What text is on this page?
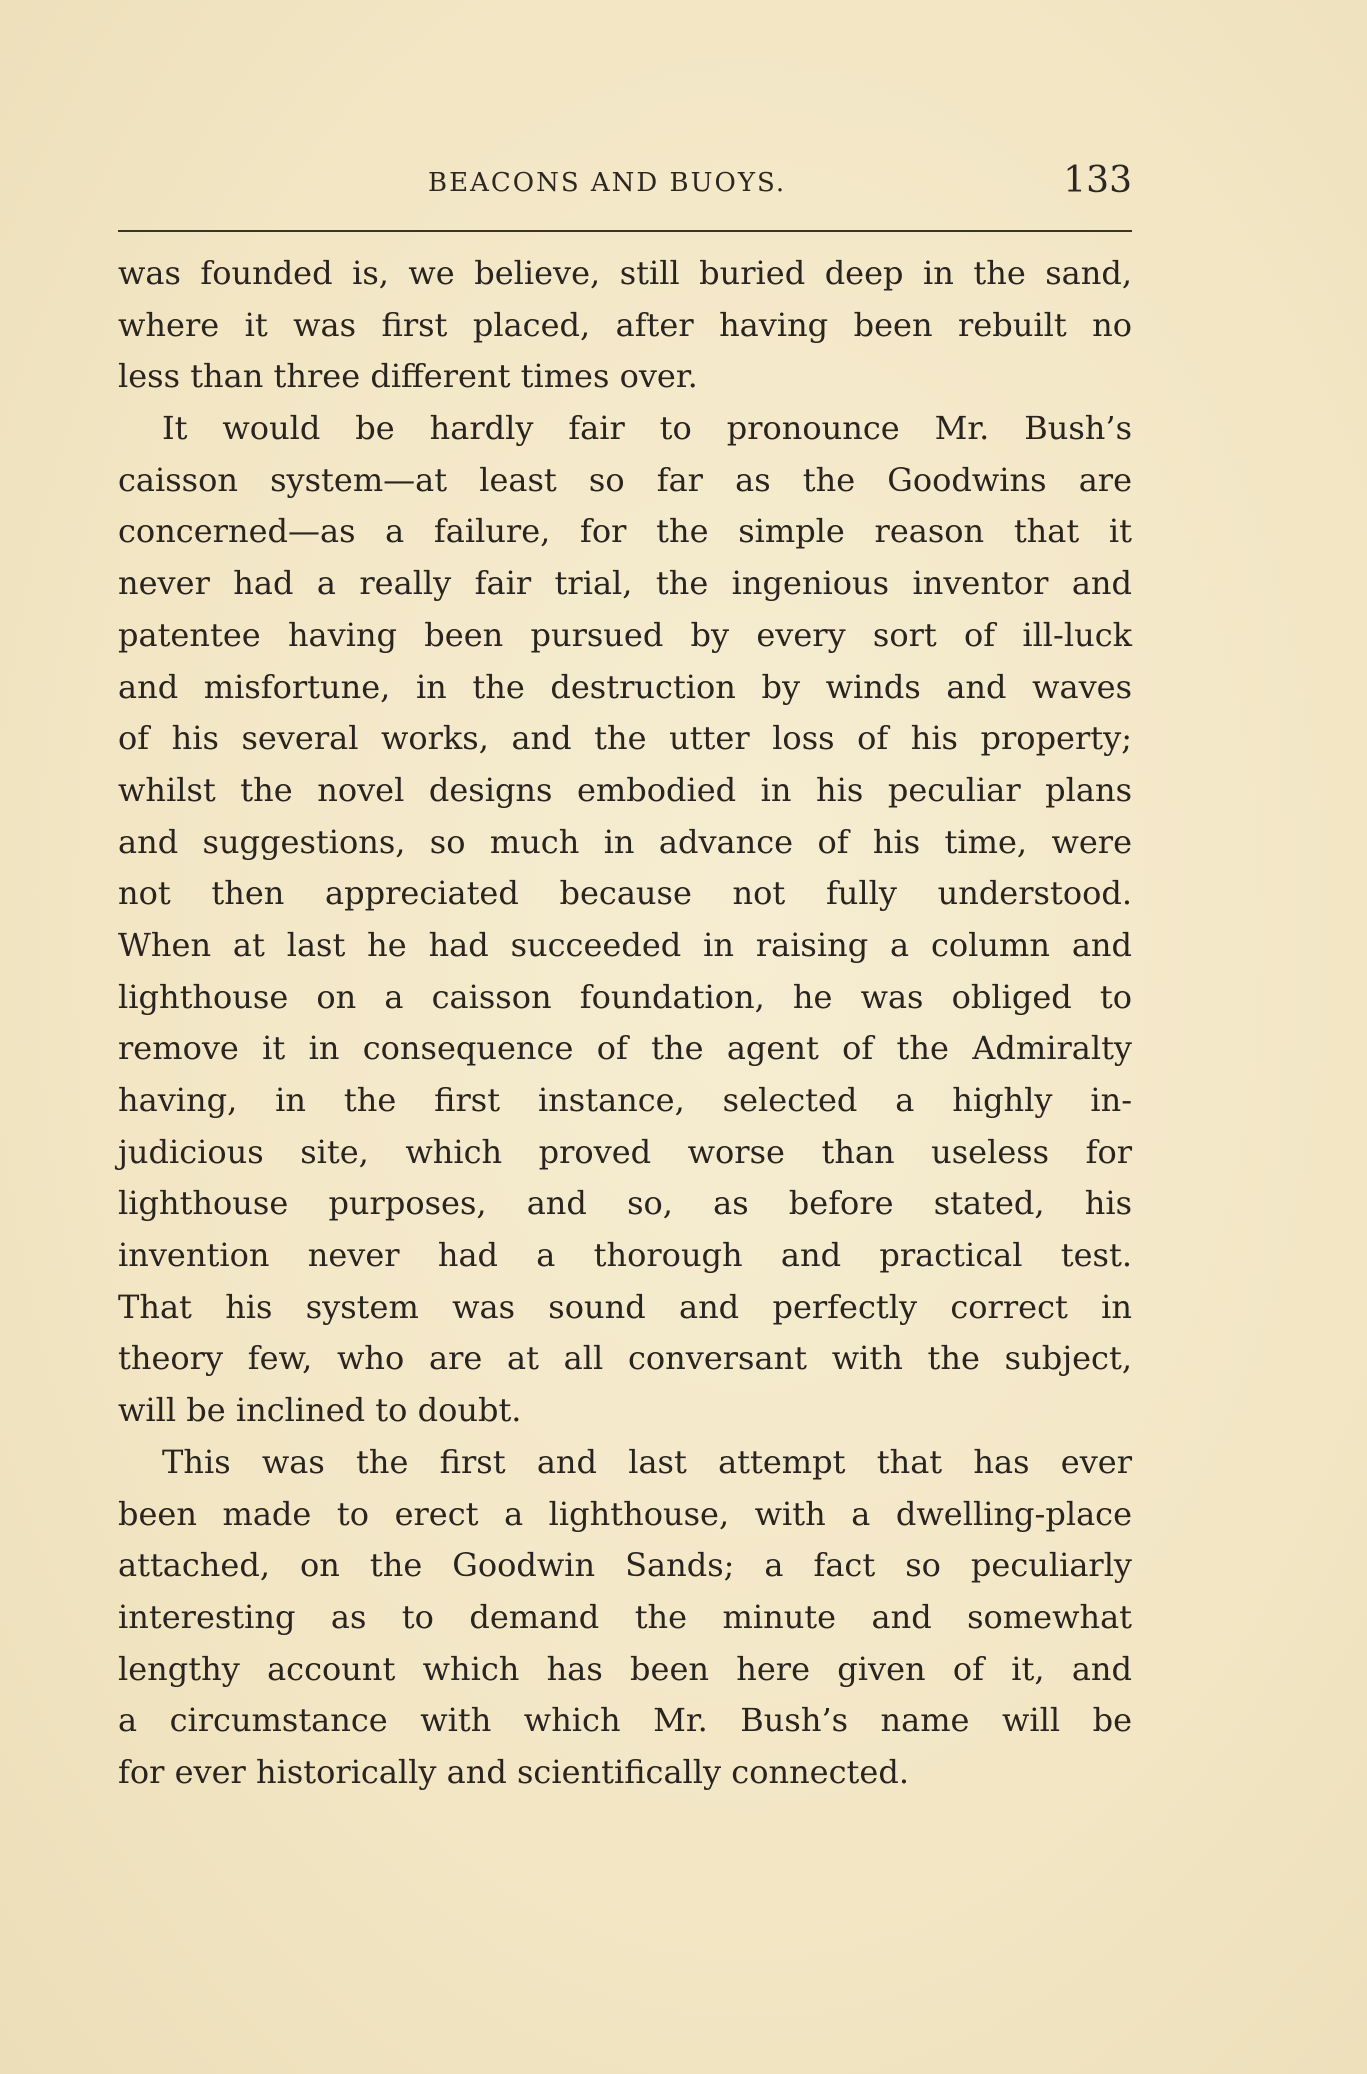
BEACONS AND BUOYS.	133
was founded is, we believe, still buried deep in the sand,
where it was first placed, after having been rebuilt no
less than three different times over.
It would be hardly fair to pronounce Mr. Bush’s
caisson system—at least so far as the Goodwins are
concerned—as a failure, for the simple reason that it
never had a really fair trial, the ingenious inventor and
patentee having been pursued by every sort of ill-luck
and misfortune, in the destruction by winds and waves
of his several works, and the utter loss of his property;
whilst the novel designs embodied in his peculiar plans
and suggestions, so much in advance of his time, were
not then appreciated because not fully understood.
When at last he had succeeded in raising a column and
lighthouse on a caisson foundation, he was obliged to
remove it in consequence of the agent of the Admiralty
having, in the first instance, selected a highly in-
judicious site, which proved worse than useless for
lighthouse purposes, and so, as before stated, his
invention never had a thorough and practical test.
That his system was sound and perfectly correct in
theory few, who are at all conversant with the subject,
will be inclined to doubt.
This was the first and last attempt that has ever
been made to erect a lighthouse, with a dwelling-place
attached, on the Goodwin Sands; a fact so peculiarly
interesting as to demand the minute and somewhat
lengthy account which has been here given of it, and
a circumstance with which Mr. Bush’s name will be
for ever historically and scientifically connected.
